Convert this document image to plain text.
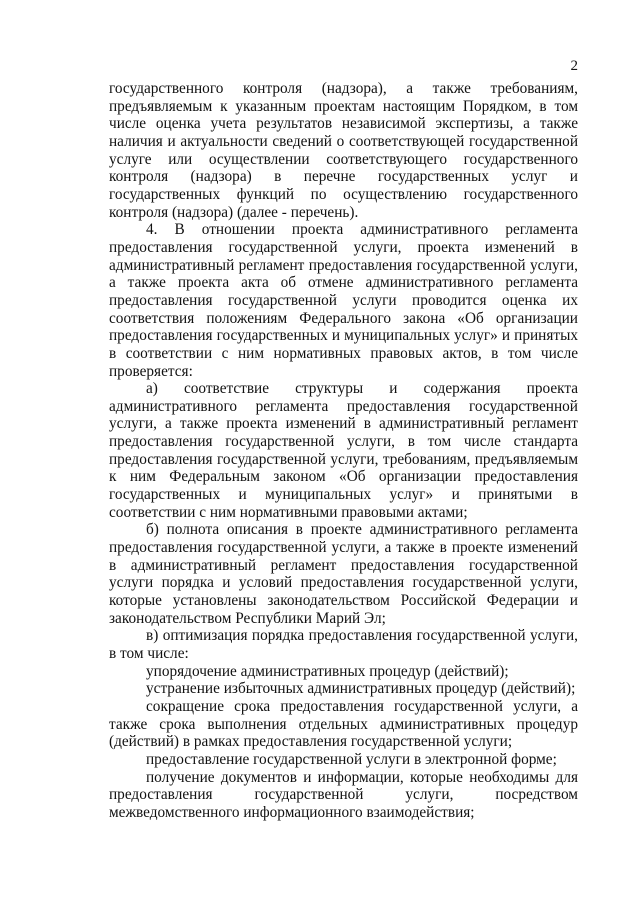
2

государственного контроля (надзора), а также требованиям, предъявляемым к указанным проектам настоящим Порядком, в том числе оценка учета результатов независимой экспертизы, а также наличия и актуальности сведений о соответствующей государственной услуге или осуществлении соответствующего государственного контроля (надзора) в перечне государственных услуг и государственных функций по осуществлению государственного контроля (надзора) (далее - перечень).

4. В отношении проекта административного регламента предоставления государственной услуги, проекта изменений в административный регламент предоставления государственной услуги, а также проекта акта об отмене административного регламента предоставления государственной услуги проводится оценка их соответствия положениям Федерального закона «Об организации предоставления государственных и муниципальных услуг» и принятых в соответствии с ним нормативных правовых актов, в том числе проверяется:

а) соответствие структуры и содержания проекта административного регламента предоставления государственной услуги, а также проекта изменений в административный регламент предоставления государственной услуги, в том числе стандарта предоставления государственной услуги, требованиям, предъявляемым к ним Федеральным законом «Об организации предоставления государственных и муниципальных услуг» и принятыми в соответствии с ним нормативными правовыми актами;

б) полнота описания в проекте административного регламента предоставления государственной услуги, а также в проекте изменений в административный регламент предоставления государственной услуги порядка и условий предоставления государственной услуги, которые установлены законодательством Российской Федерации и законодательством Республики Марий Эл;

в) оптимизация порядка предоставления государственной услуги, в том числе:

упорядочение административных процедур (действий);

устранение избыточных административных процедур (действий);

сокращение срока предоставления государственной услуги, а также срока выполнения отдельных административных процедур (действий) в рамках предоставления государственной услуги;

предоставление государственной услуги в электронной форме;

получение документов и информации, которые необходимы для предоставления государственной услуги, посредством межведомственного информационного взаимодействия;
